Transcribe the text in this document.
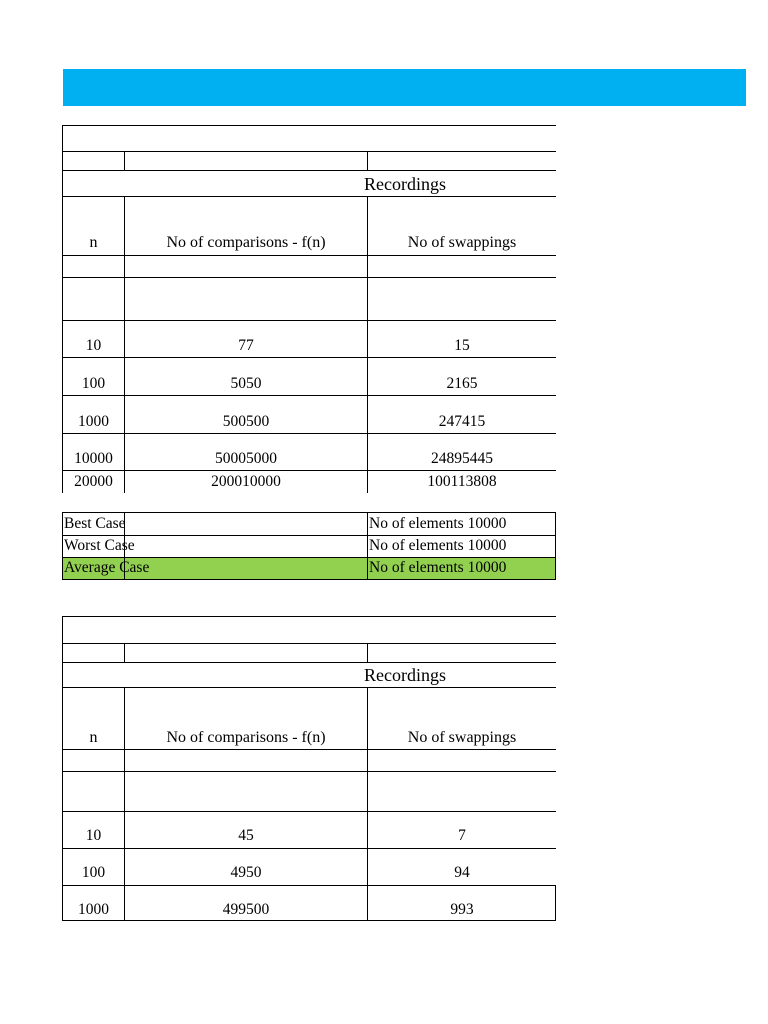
Recordings
n	No of comparisons - f(n)	No of swappings
10	77	15
100	5050	2165
1000	500500	247415
10000	50005000	24895445
20000	200010000	100113808
Best Case	No of elements 10000
Worst Case	No of elements 10000
Average Case	No of elements 10000
Recordings
n	No of comparisons - f(n)	No of swappings
10	45	7
100	4950	94
1000	499500	993
